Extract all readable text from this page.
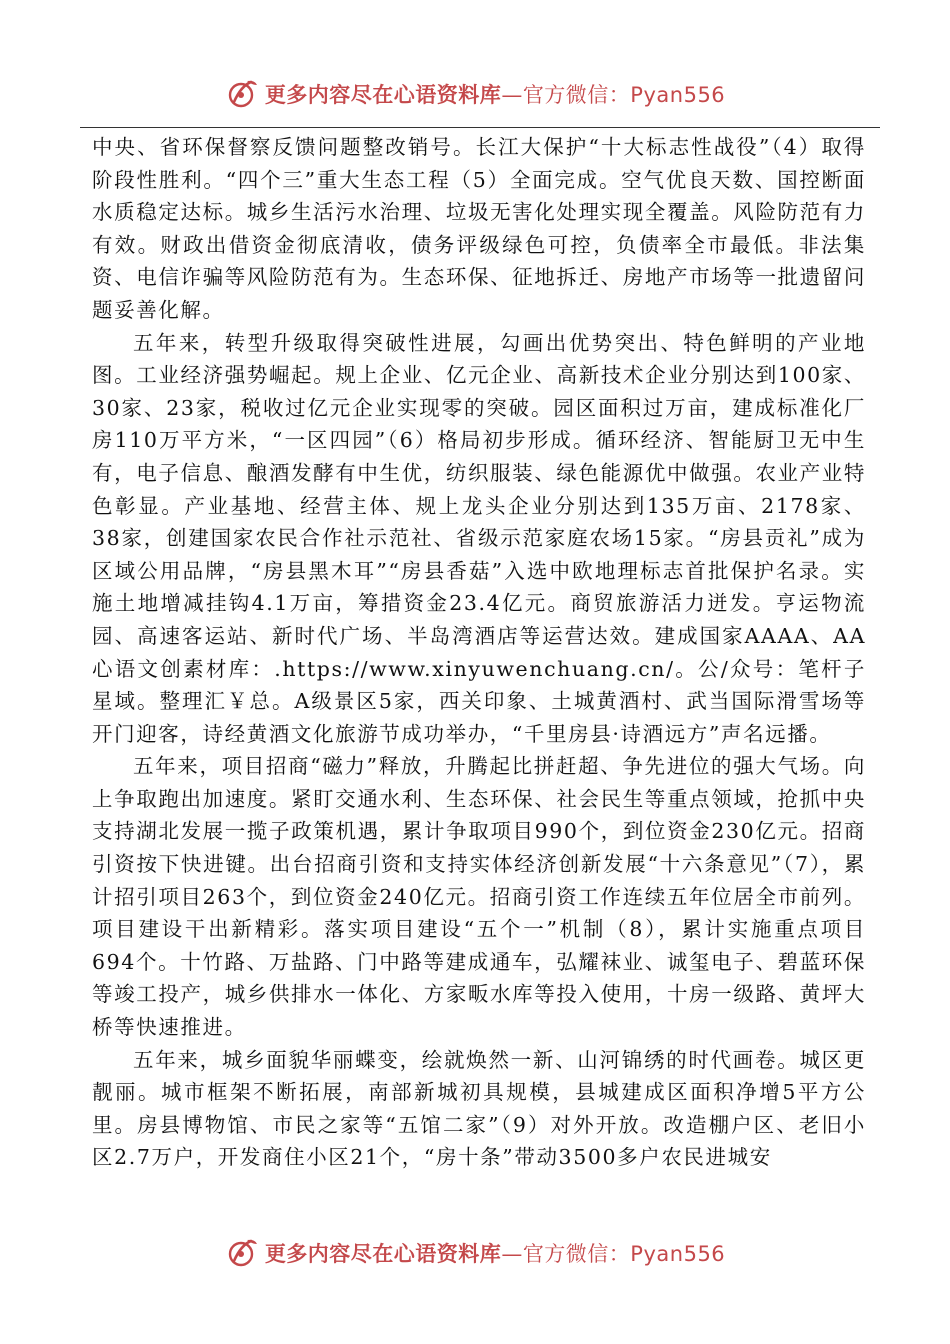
更多内容尽在心语资料库—官方微信：Pyan556

中央、省环保督察反馈问题整改销号。长江大保护“十大标志性战役”（4）取得阶段性胜利。“四个三”重大生态工程（5）全面完成。空气优良天数、国控断面水质稳定达标。城乡生活污水治理、垃圾无害化处理实现全覆盖。风险防范有力有效。财政出借资金彻底清收，债务评级绿色可控，负债率全市最低。非法集资、电信诈骗等风险防范有为。生态环保、征地拆迁、房地产市场等一批遗留问题妥善化解。

五年来，转型升级取得突破性进展，勾画出优势突出、特色鲜明的产业地图。工业经济强势崛起。规上企业、亿元企业、高新技术企业分别达到100家、 30家、23家，税收过亿元企业实现零的突破。园区面积过万亩，建成标准化厂房110万平方米，“一区四园”（6）格局初步形成。循环经济、智能厨卫无中生有，电子信息、酿酒发酵有中生优，纺织服装、绿色能源优中做强。农业产业特色彰显。产业基地、经营主体、规上龙头企业分别达到135万亩、2178家、 38家，创建国家农民合作社示范社、省级示范家庭农场15家。“房县贡礼”成为区域公用品牌，“房县黑木耳”“房县香菇”入选中欧地理标志首批保护名录。实施土地增减挂钩4.1万亩，筹措资金23.4亿元。商贸旅游活力迸发。亨运物流园、高速客运站、新时代广场、半岛湾酒店等运营达效。建成国家AAAA、AA心语文创素材库：.https://www.xinyuwenchuang.cn/。公/众号：笔杆子星域。整理汇￥总。A级景区5家，西关印象、土城黄酒村、武当国际滑雪场等开门迎客，诗经黄酒文化旅游节成功举办，“千里房县·诗酒远方”声名远播。

五年来，项目招商“磁力”释放，升腾起比拼赶超、争先进位的强大气场。向上争取跑出加速度。紧盯交通水利、生态环保、社会民生等重点领域，抢抓中央支持湖北发展一揽子政策机遇，累计争取项目990个，到位资金230亿元。招商引资按下快进键。出台招商引资和支持实体经济创新发展“十六条意见”（7），累计招引项目263个，到位资金240亿元。招商引资工作连续五年位居全市前列。项目建设干出新精彩。落实项目建设“五个一”机制（8），累计实施重点项目694个。十竹路、万盐路、门中路等建成通车，弘耀袜业、诚玺电子、碧蓝环保等竣工投产，城乡供排水一体化、方家畈水库等投入使用，十房一级路、黄坪大桥等快速推进。

五年来，城乡面貌华丽蝶变，绘就焕然一新、山河锦绣的时代画卷。城区更靓丽。城市框架不断拓展，南部新城初具规模，县城建成区面积净增5平方公里。房县博物馆、市民之家等“五馆二家”（9）对外开放。改造棚户区、老旧小区2.7万户，开发商住小区21个，“房十条”带动3500多户农民进城安

更多内容尽在心语资料库—官方微信：Pyan556
